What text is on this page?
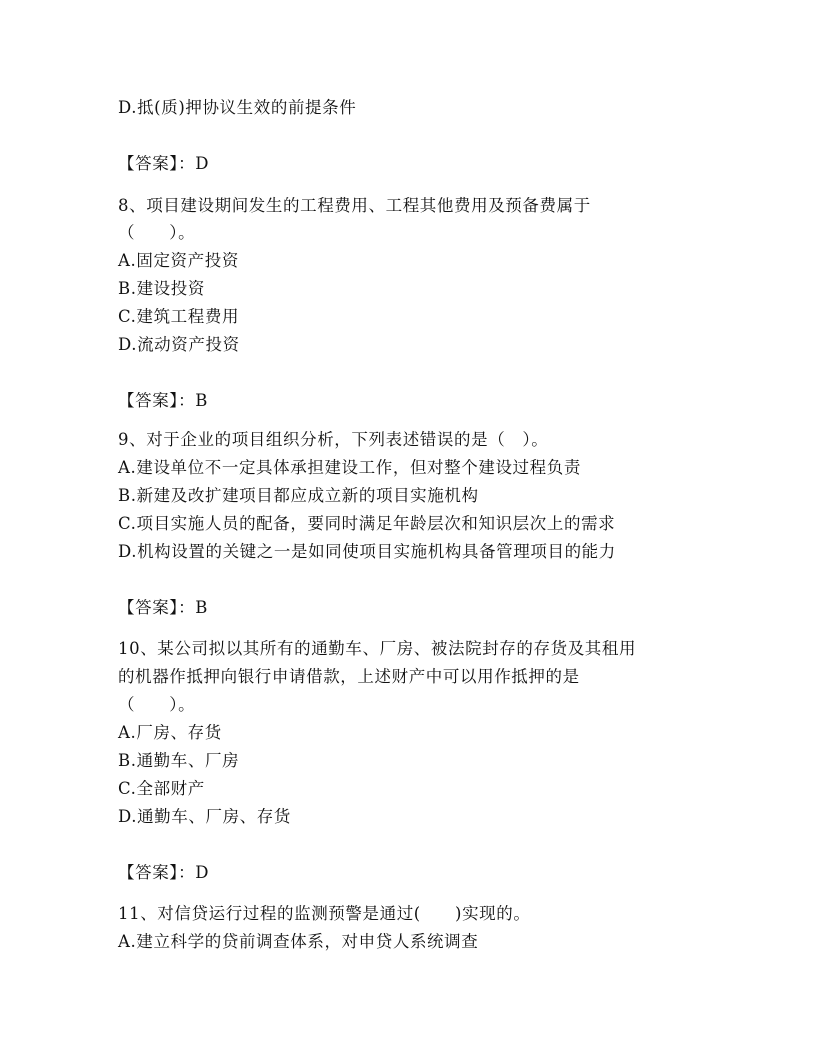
D.抵(质)押协议生效的前提条件
【答案】：D
8、项目建设期间发生的工程费用、工程其他费用及预备费属于
（　　）。
A.固定资产投资
B.建设投资
C.建筑工程费用
D.流动资产投资
【答案】：B
9、对于企业的项目组织分析，下列表述错误的是（　）。
A.建设单位不一定具体承担建设工作，但对整个建设过程负责
B.新建及改扩建项目都应成立新的项目实施机构
C.项目实施人员的配备，要同时满足年龄层次和知识层次上的需求
D.机构设置的关键之一是如同使项目实施机构具备管理项目的能力
【答案】：B
10、某公司拟以其所有的通勤车、厂房、被法院封存的存货及其租用
的机器作抵押向银行申请借款，上述财产中可以用作抵押的是
（　　）。
A.厂房、存货
B.通勤车、厂房
C.全部财产
D.通勤车、厂房、存货
【答案】：D
11、对信贷运行过程的监测预警是通过(　　)实现的。
A.建立科学的贷前调查体系，对申贷人系统调查
